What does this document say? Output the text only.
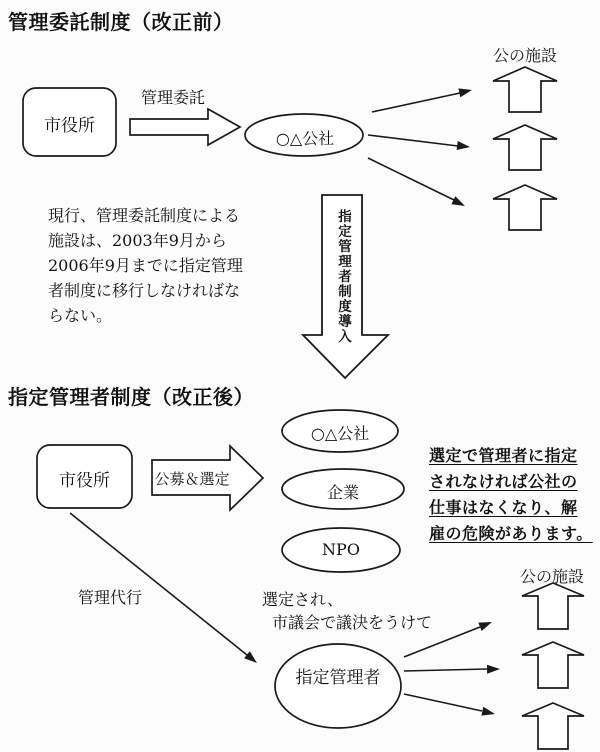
管理委託制度（改正前）
公の施設
市役所
管理委託
○△公社
現行、管理委託制度による
施設は、2003年9月から
2006年9月までに指定管理
者制度に移行しなければな
らない。	指定管理者制度導入
指定管理者制度（改正後）
市役所	公募＆選定
○△公社
企業
NPO
選定で管理者に指定
されなければ公社の
仕事はなくなり、解
雇の危険があります。
管理代行	選定され、
市議会で議決をうけて
指定管理者
公の施設
